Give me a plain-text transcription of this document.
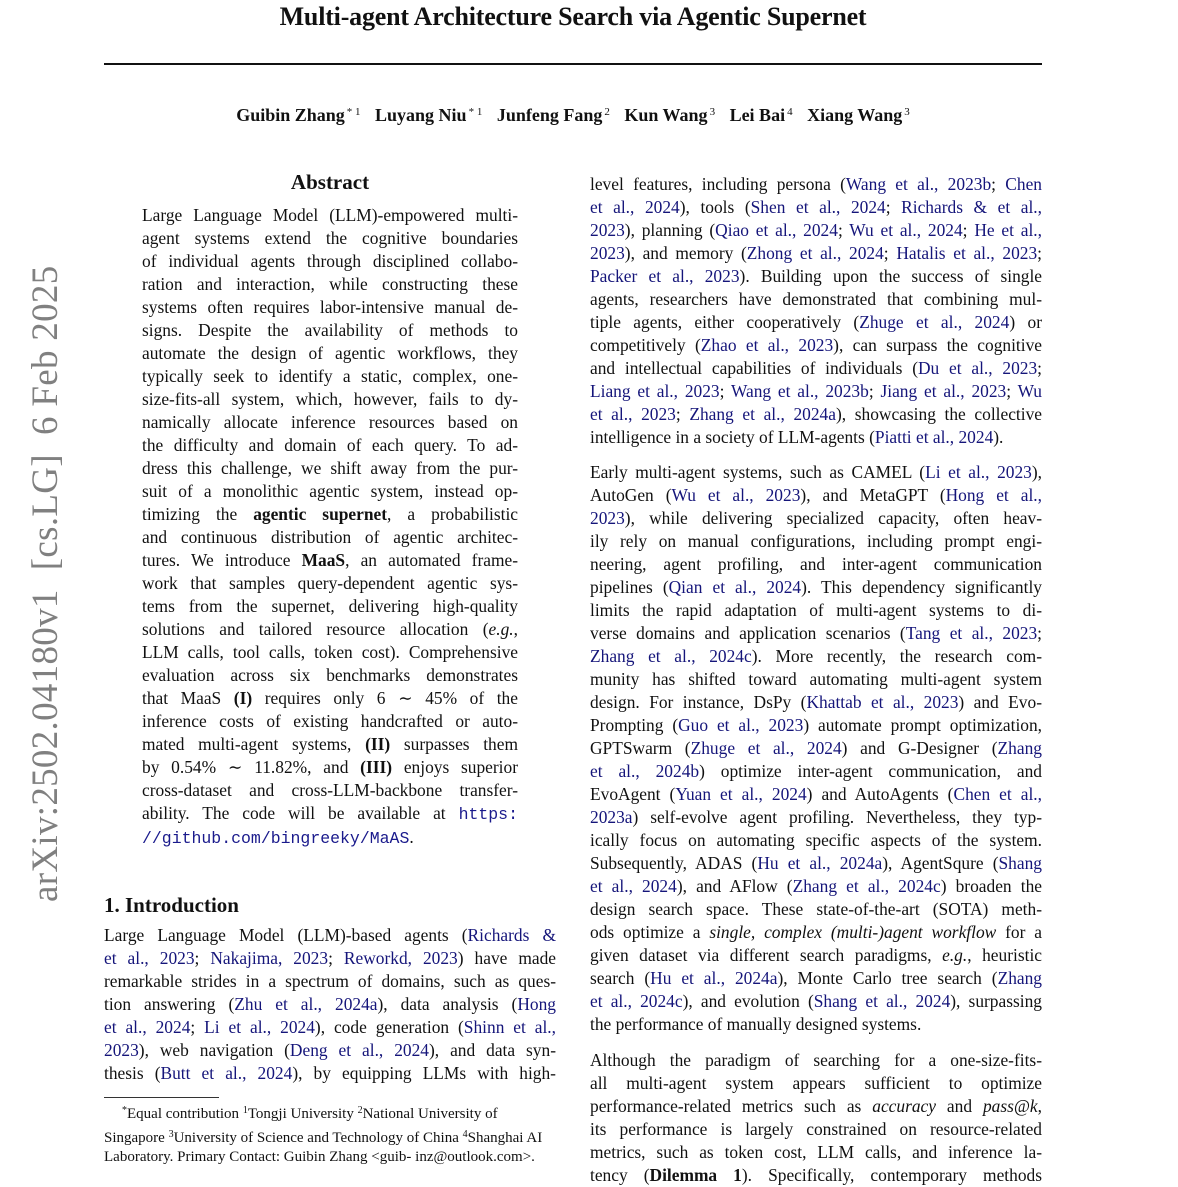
Multi-agent Architecture Search via Agentic Supernet
Guibin Zhang $^{* 1}$ Luyang Niu $^{* 1}$ Junfeng Fang $^2$ Kun Wang $^3$ Lei Bai $^4$ Xiang Wang $^3$
arXiv:2502.04180v1  [cs.LG]  6 Feb 2025
Abstract
Large Language Model (LLM)-empowered multi-
agent systems extend the cognitive boundaries
of individual agents through disciplined collabo-
ration and interaction, while constructing these
systems often requires labor-intensive manual de-
signs. Despite the availability of methods to
automate the design of agentic workflows, they
typically seek to identify a static, complex, one-
size-fits-all system, which, however, fails to dy-
namically allocate inference resources based on
the difficulty and domain of each query. To ad-
dress this challenge, we shift away from the pur-
suit of a monolithic agentic system, instead op-
timizing the agentic supernet, a probabilistic
and continuous distribution of agentic architec-
tures. We introduce MaaS, an automated frame-
work that samples query-dependent agentic sys-
tems from the supernet, delivering high-quality
solutions and tailored resource allocation (e.g.,
LLM calls, tool calls, token cost). Comprehensive
evaluation across six benchmarks demonstrates
that MaaS (I) requires only 6 ∼ 45% of the
inference costs of existing handcrafted or auto-
mated multi-agent systems, (II) surpasses them
by 0.54% ∼ 11.82%, and (III) enjoys superior
cross-dataset and cross-LLM-backbone transfer-
ability. The code will be available at https:
//github.com/bingreeky/MaAS.
1. Introduction
Large Language Model (LLM)-based agents (Richards &
et al., 2023; Nakajima, 2023; Reworkd, 2023) have made
remarkable strides in a spectrum of domains, such as ques-
tion answering (Zhu et al., 2024a), data analysis (Hong
et al., 2024; Li et al., 2024), code generation (Shinn et al.,
2023), web navigation (Deng et al., 2024), and data syn-
thesis (Butt et al., 2024), by equipping LLMs with high-
*Equal contribution $^1$Tongji University $^2$National University of Singapore $^3$University of Science and Technology of China $^4$Shanghai AI Laboratory. Primary Contact: Guibin Zhang <guib- inz@outlook.com>.
level features, including persona (Wang et al., 2023b; Chen
et al., 2024), tools (Shen et al., 2024; Richards & et al.,
2023), planning (Qiao et al., 2024; Wu et al., 2024; He et al.,
2023), and memory (Zhong et al., 2024; Hatalis et al., 2023;
Packer et al., 2023). Building upon the success of single
agents, researchers have demonstrated that combining mul-
tiple agents, either cooperatively (Zhuge et al., 2024) or
competitively (Zhao et al., 2023), can surpass the cognitive
and intellectual capabilities of individuals (Du et al., 2023;
Liang et al., 2023; Wang et al., 2023b; Jiang et al., 2023; Wu
et al., 2023; Zhang et al., 2024a), showcasing the collective
intelligence in a society of LLM-agents (Piatti et al., 2024).
Early multi-agent systems, such as CAMEL (Li et al., 2023),
AutoGen (Wu et al., 2023), and MetaGPT (Hong et al.,
2023), while delivering specialized capacity, often heav-
ily rely on manual configurations, including prompt engi-
neering, agent profiling, and inter-agent communication
pipelines (Qian et al., 2024). This dependency significantly
limits the rapid adaptation of multi-agent systems to di-
verse domains and application scenarios (Tang et al., 2023;
Zhang et al., 2024c). More recently, the research com-
munity has shifted toward automating multi-agent system
design. For instance, DsPy (Khattab et al., 2023) and Evo-
Prompting (Guo et al., 2023) automate prompt optimization,
GPTSwarm (Zhuge et al., 2024) and G-Designer (Zhang
et al., 2024b) optimize inter-agent communication, and
EvoAgent (Yuan et al., 2024) and AutoAgents (Chen et al.,
2023a) self-evolve agent profiling. Nevertheless, they typ-
ically focus on automating specific aspects of the system.
Subsequently, ADAS (Hu et al., 2024a), AgentSqure (Shang
et al., 2024), and AFlow (Zhang et al., 2024c) broaden the
design search space. These state-of-the-art (SOTA) meth-
ods optimize a single, complex (multi-)agent workflow for a
given dataset via different search paradigms, e.g., heuristic
search (Hu et al., 2024a), Monte Carlo tree search (Zhang
et al., 2024c), and evolution (Shang et al., 2024), surpassing
the performance of manually designed systems.
Although the paradigm of searching for a one-size-fits-
all multi-agent system appears sufficient to optimize
performance-related metrics such as accuracy and pass@k,
its performance is largely constrained on resource-related
metrics, such as token cost, LLM calls, and inference la-
tency (Dilemma 1). Specifically, contemporary methods
